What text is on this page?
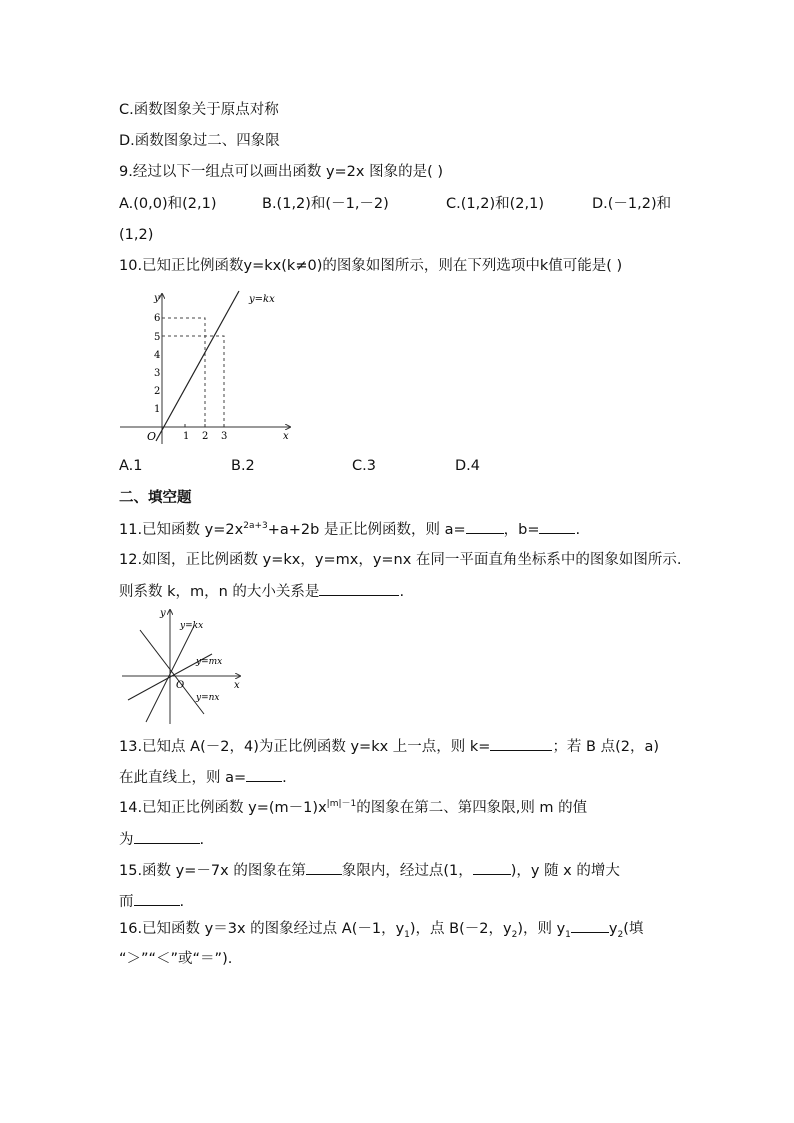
C.函数图象关于原点对称
D.函数图象过二、四象限
9.经过以下一组点可以画出函数 y=2x 图象的是( )
A.(0,0)和(2,1)	B.(1,2)和(－1,－2)	C.(1,2)和(2,1)	D.(－1,2)和
(1,2)
10.已知正比例函数y=kx(k≠0)的图象如图所示，则在下列选项中k值可能是( )
1 2 3
1
2
3
4
5
6
O	x
y	y=kx
A.1	B.2	C.3	D.4
二、填空题
11.已知函数 $y=2x^{2a+3}+a+2b$ 是正比例函数，则 a=	，b= .
12.如图，正比例函数 y=kx，y=mx，y=nx 在同一平面直角坐标系中的图象如图所示.
则系数 k，m，n 的大小关系是	.
O	x
y
y=kx
y=mx
y=nx
13.已知点 A(－2，4)为正比例函数 y=kx 上一点，则 k=	；若 B 点(2，a)
在此直线上，则 a= .
14.已知正比例函数 $y=(m-1)x^{|m|-1}$的图象在第二、第四象限,则 m 的值
为	.
15.函数 y=－7x 的图象在第 象限内，经过点(1，	)，y 随 x 的增大
而	.
16.已知函数 y＝3x 的图象经过点 A(－1，$y_1$)，点 B(－2，$y_2$)，则 $y_1$	$y_2$(填
“＞”“＜”或“＝”).
